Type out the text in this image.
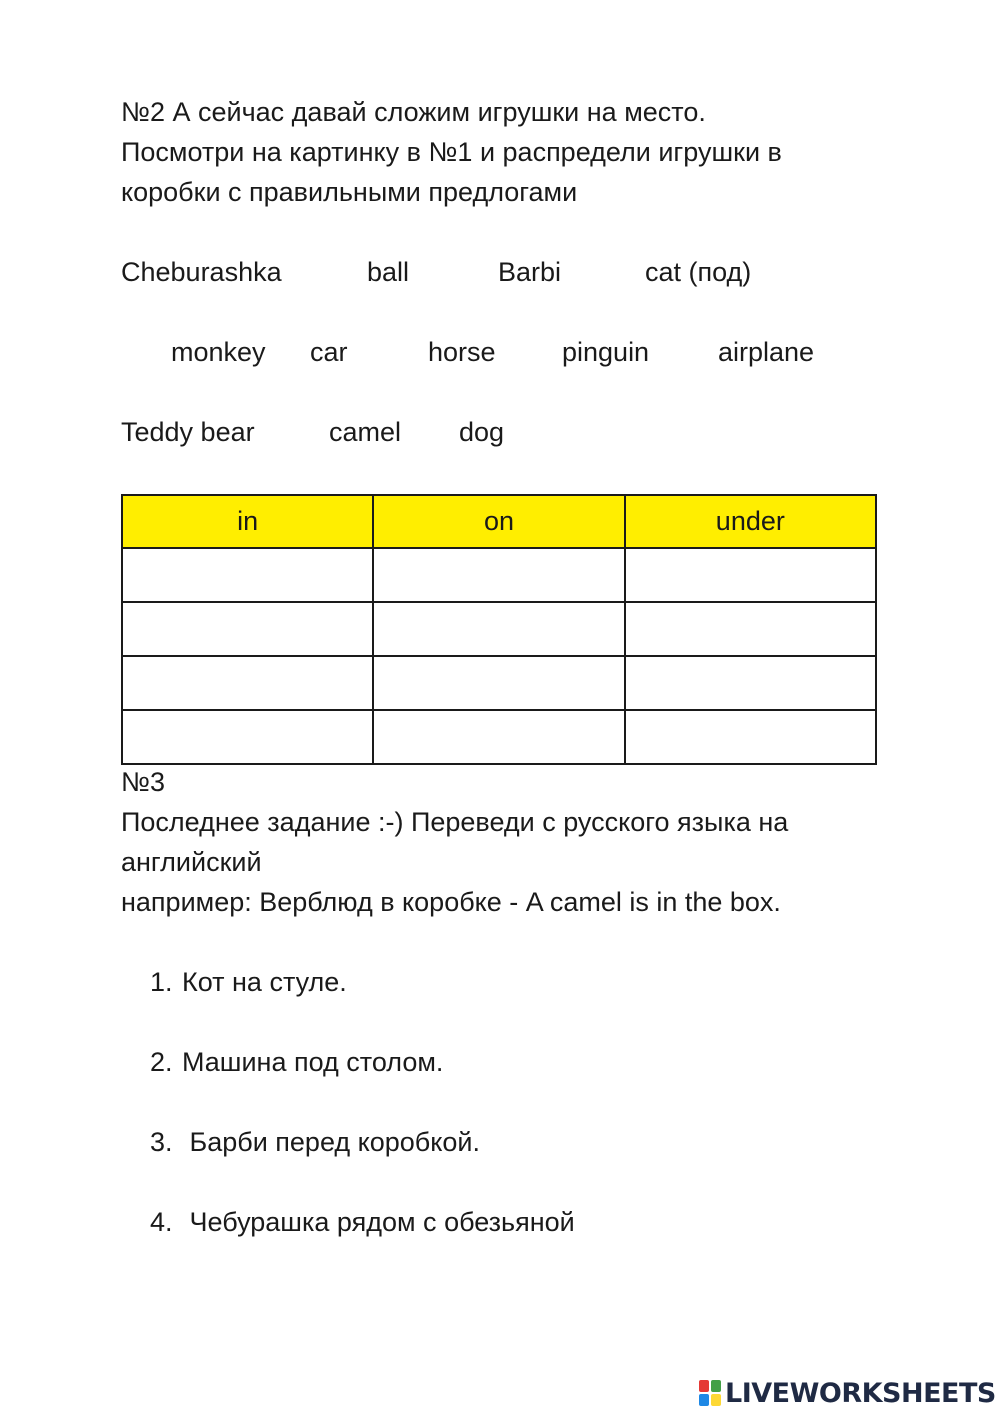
№2 А сейчас давай сложим игрушки на место.
Посмотри на картинку в №1 и распредели игрушки в
коробки с правильными предлогами
Cheburashka	ball	Barbi	cat (под)
monkey car	horse pinguin	airplane
Teddy bear	camel dog
in	on	under

№3
Последнее задание :-) Переведи с русского языка на
английский
например: Верблюд в коробке - A camel is in the box.
1. Кот на стуле.
2. Машина под столом.
3. Барби перед коробкой.
4. Чебурашка рядом с обезьяной
LIVEWORKSHEETS
